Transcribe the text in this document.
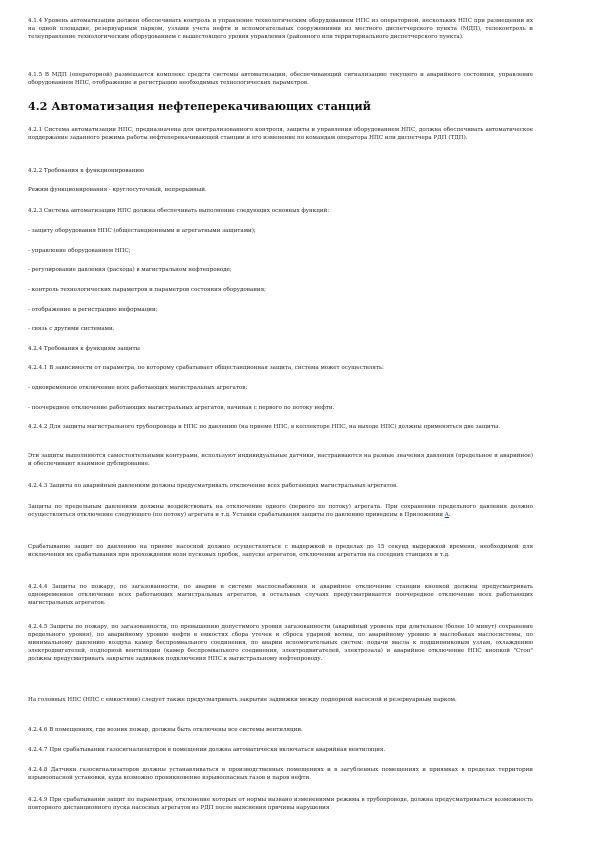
4.1.4 Уровень автоматизации должен обеспечивать контроль и управление технологическим оборудованием НПС из операторной, нескольких НПС при размещении их на одной площадке, резервуарным парком, узлами учета нефти и вспомогательных сооружениями из местного диспетчерского пункта (МДП), телеконтроль и телеуправление технологическим оборудованием с вышестоящего уровня управления (районного или территориального диспетчерского пункта).

4.1.5 В МДП (операторной) размещается комплекс средств системы автоматизации, обеспечивающий сигнализацию текущего и аварийного состояния, управление оборудованием НПС, отображение и регистрацию необходимых технологических параметров.

4.2 Автоматизация нефтеперекачивающих станций

4.2.1 Система автоматизации НПС, предназначена для централизованного контроля, защиты и управления оборудованием НПС, должна обеспечивать автоматическое поддержание заданного режима работы нефтеперекачивающей станции и его изменение по командам оператора НПС или диспетчера РДП (ТДП).

4.2.2 Требования к функционированию

Режим функционирования - круглосуточный, непрерывный.

4.2.3 Система автоматизации НПС должна обеспечивать выполнение следующих основных функций:

- защиту оборудования НПС (общестанционными и агрегатными защитами);

- управление оборудованием НПС;

- регулирование давления (расхода) в магистральном нефтепроводе;

- контроль технологических параметров и параметров состояния оборудования;

- отображение и регистрацию информации;

- связь с другими системами.

4.2.4 Требования к функциям защиты

4.2.4.1 В зависимости от параметра, по которому срабатывает общестанционная защита, система может осуществлять:

- одновременное отключение всех работающих магистральных агрегатов;

- поочередное отключение работающих магистральных агрегатов, начиная с первого по потоку нефти.

4.2.4.2 Для защиты магистрального трубопровода и НПС по давлению (на приеме НПС, в коллекторе НПС, на выходе НПС) должны применяться две защиты.

Эти защиты выполняются самостоятельными контурами, используют индивидуальные датчики, настраиваются на разные значения давления (предельное и аварийное) и обеспечивают взаимное дублирование.

4.2.4.3 Защиты по аварийным давлениям должны предусматривать отключение всех работающих магистральных агрегатов.

Защиты по предельным давлениям должны воздействовать на отключение одного (первого по потоку) агрегата. При сохранении предельного давления должно осуществляться отключение следующего (по потоку) агрегата и т.д. Уставки срабатывания защиты по давлению приведены в Приложении А.

Срабатывание защит по давлению на приеме насосной должно осуществляться с выдержкой в пределах до 15 секунд выдержкой времени, необходимой для исключения их срабатывания при прохождении волн пусковых пробок, запуске агрегатов, отключении агрегатов на соседних станциях и т.д.

4.2.4.4 Защиты по пожару, по загазованности, по аварии в системе маслоснабжения и аварийное отключение станции кнопкой должны предусматривать одновременное отключение всех работающих магистральных агрегатов, в остальных случаях предусматривается поочередное отключение всех работающих магистральных агрегатов.

4.2.4.5 Защиты по пожару, по загазованности, по превышению допустимого уровня загазованности (аварийный уровень при длительное (более 10 минут) сохранение предельного уровня), по аварийному уровню нефти в емкостях сбора утечек и сброса ударной волны, по аварийному уровню в маслобаках маслосистемы, по минимальному давлению воздуха камер беспромвального соединения, по аварии вспомогательных систем: подачи масла к подшипниковым узлам, охлаждению электродвигателей, подпорной вентиляции (камер беспромвального соединения, электродвигателей, электрозала) и аварийное отключение НПС кнопкой "Стоп" должны предусматривать закрытие задвижек подключения НПС к магистральному нефтепроводу.

На головных НПС (НПС с емкостями) следует также предусматривать закрытие задвижки между подпорной насосной и резервуарным парком.

4.2.4.6 В помещениях, где возник пожар, должны быть отключены все системы вентиляции.

4.2.4.7 При срабатывании газосигнализаторов в помещении должна автоматически включаться аварийная вентиляция.

4.2.4.8 Датчики газосигнализаторов должны устанавливаться в производственных помещениях и в загубленных помещениях и приямках в пределах территории взрывоопасной установки, куда возможно проникновение взрывоопасных газов и паров нефти.

4.2.4.9 При срабатывании защит по параметрам, отклонение которых от нормы вызвано изменениями режима в трубопроводе, должна предусматриваться возможность повторного дистанционного пуска насосных агрегатов из РДП после выяснения причины нарушения
